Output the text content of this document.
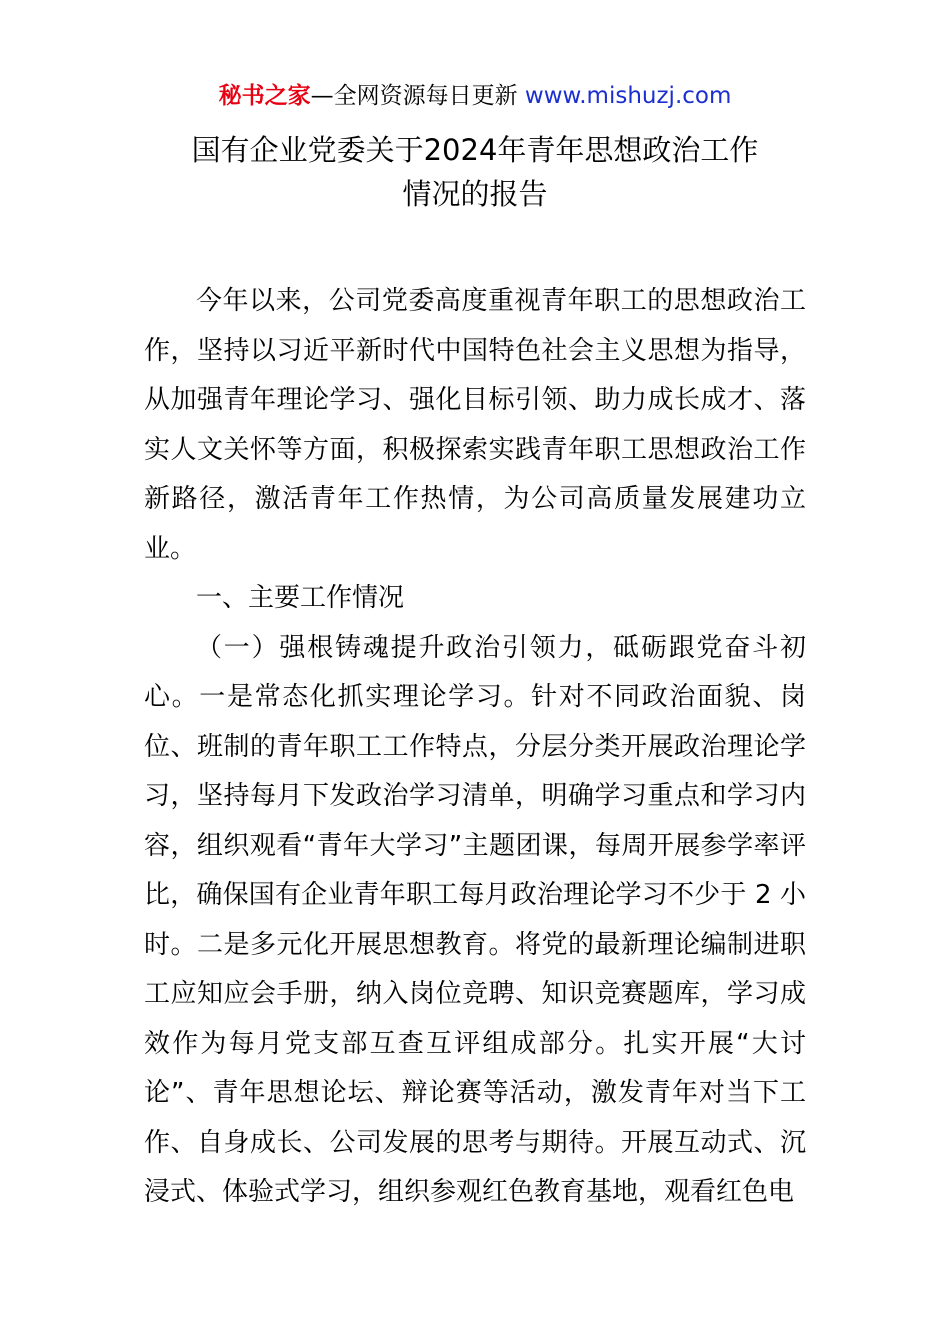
秘书之家—全网资源每日更新 www.mishuzj.com
国有企业党委关于2024年青年思想政治工作
情况的报告

今年以来，公司党委高度重视青年职工的思想政治工作，坚持以习近平新时代中国特色社会主义思想为指导，从加强青年理论学习、强化目标引领、助力成长成才、落实人文关怀等方面，积极探索实践青年职工思想政治工作新路径，激活青年工作热情，为公司高质量发展建功立业。

一、主要工作情况

（一）强根铸魂提升政治引领力，砥砺跟党奋斗初心。一是常态化抓实理论学习。针对不同政治面貌、岗位、班制的青年职工工作特点，分层分类开展政治理论学习，坚持每月下发政治学习清单，明确学习重点和学习内容，组织观看“青年大学习”主题团课，每周开展参学率评比，确保国有企业青年职工每月政治理论学习不少于 2 小时。二是多元化开展思想教育。将党的最新理论编制进职工应知应会手册，纳入岗位竞聘、知识竞赛题库，学习成效作为每月党支部互查互评组成部分。扎实开展“大讨论”、青年思想论坛、辩论赛等活动，激发青年对当下工作、自身成长、公司发展的思考与期待。开展互动式、沉浸式、体验式学习，组织参观红色教育基地，观看红色电
